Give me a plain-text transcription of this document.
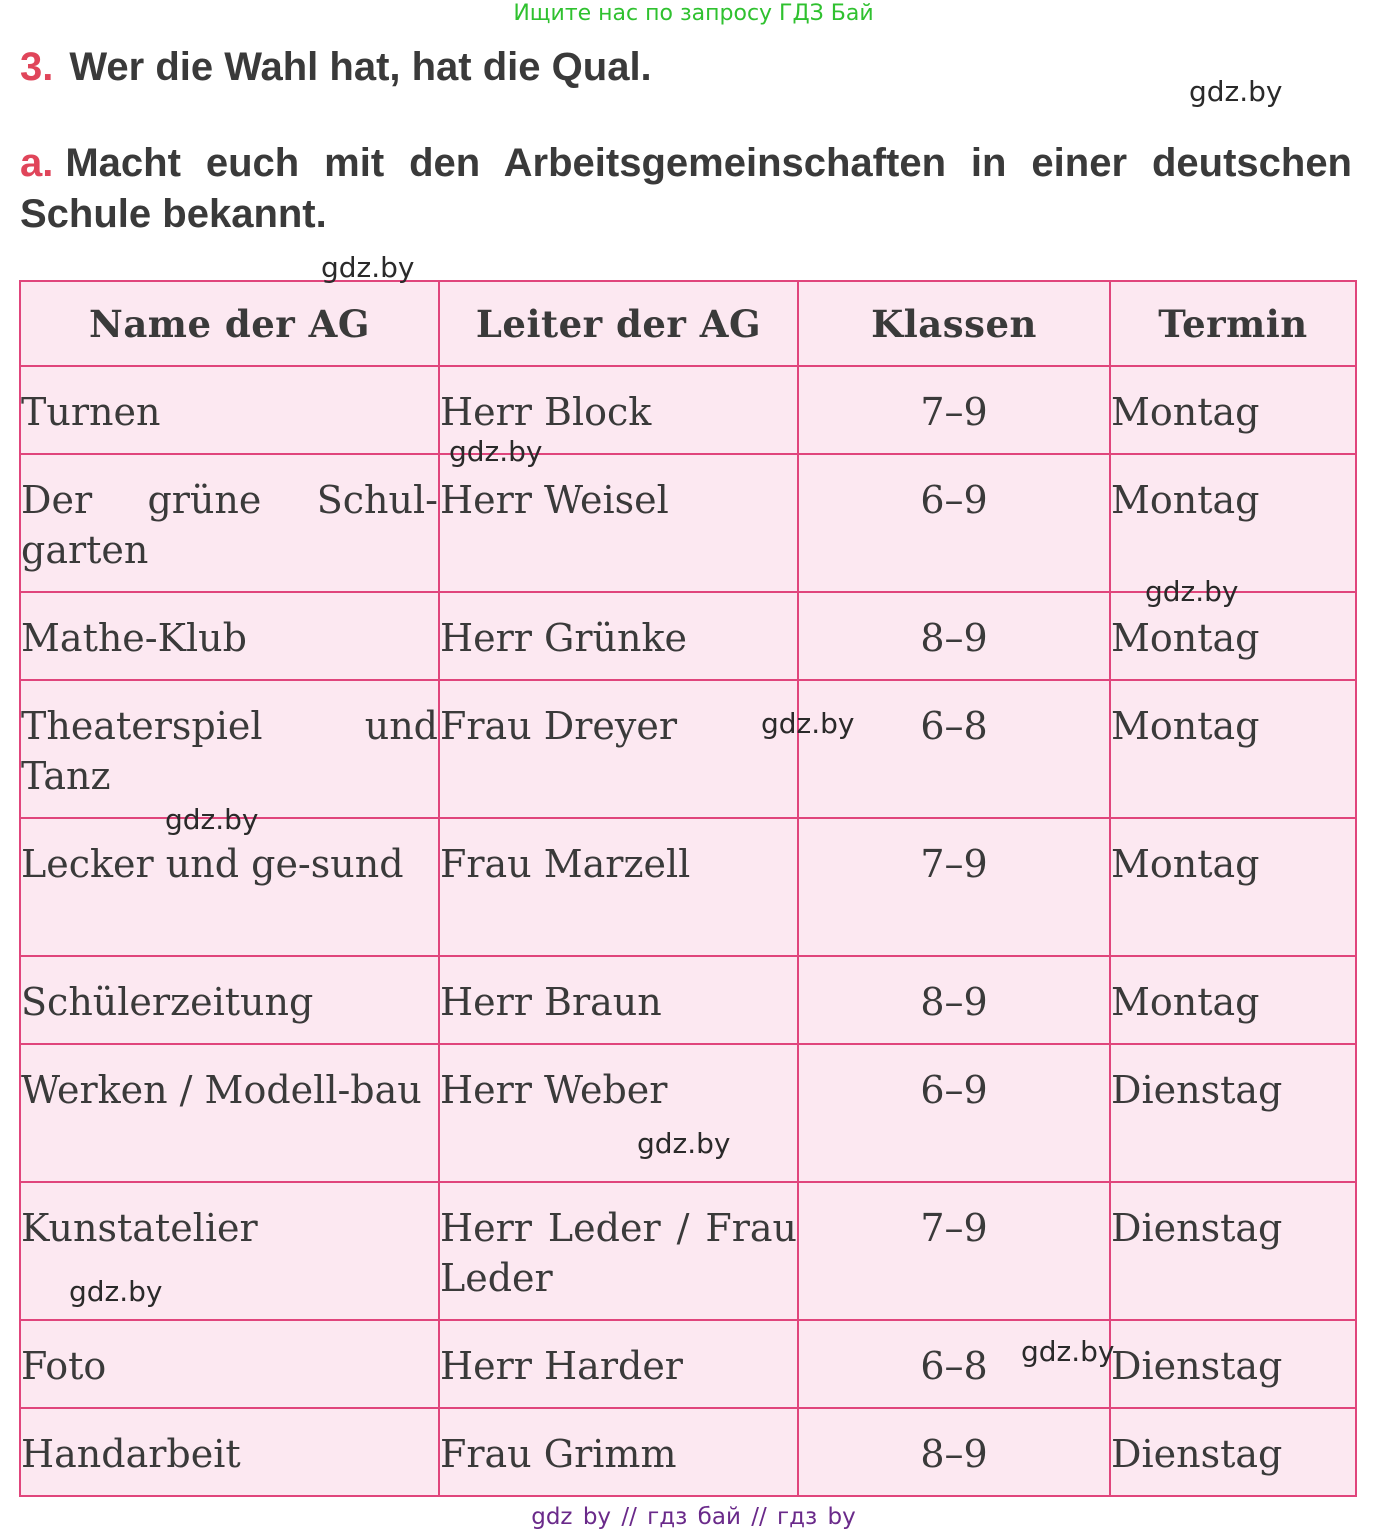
Ищите нас по запросу ГДЗ Бай
3. Wer die Wahl hat, hat die Qual.
a. Macht euch mit den Arbeitsgemeinschaften in einer deutschen Schule bekannt.
Name der AG	Leiter der AG	Klassen	Termin
Turnen	Herr Block	7–9	Montag
Der grüne Schul-garten	Herr Weisel	6–9	Montag
Mathe-Klub	Herr Grünke	8–9	Montag
Theaterspiel und Tanz	Frau Dreyer	6–8	Montag
Lecker und ge-sund	Frau Marzell	7–9	Montag
Schülerzeitung	Herr Braun	8–9	Montag
Werken / Modell-bau	Herr Weber	6–9	Dienstag
Kunstatelier	Herr Leder / Frau Leder	7–9	Dienstag
Foto	Herr Harder	6–8	Dienstag
Handarbeit	Frau Grimm	8–9	Dienstag
gdz.by
gdz.by
gdz.by
gdz.by
gdz.by
gdz.by
gdz.by
gdz.by
gdz.by
gdz by // гдз бай // гдз by
